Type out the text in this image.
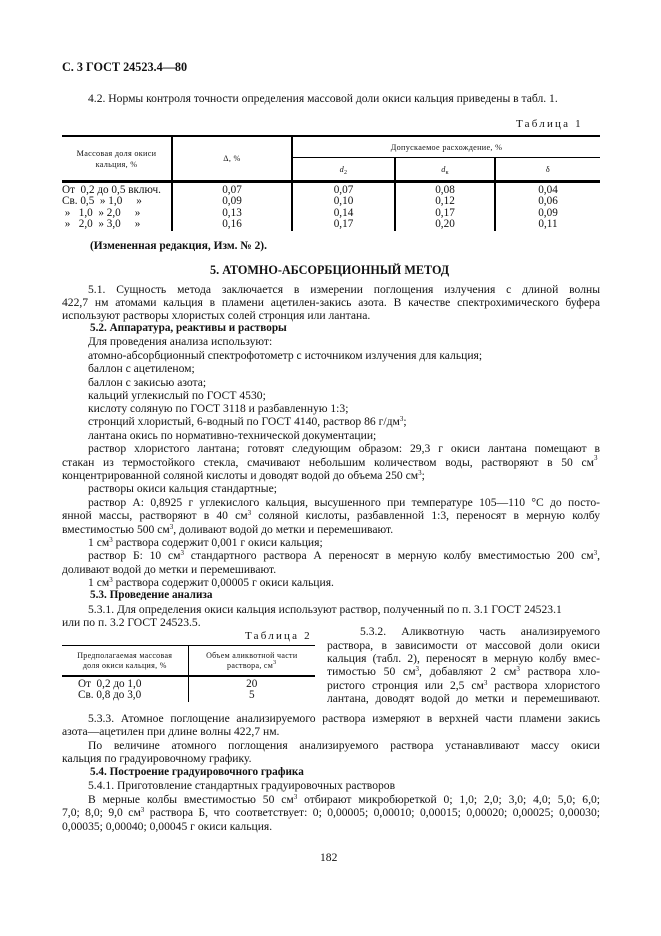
С. 3 ГОСТ 24523.4—80
4.2. Нормы контроля точности определения массовой доли окиси кальция приведены в табл. 1.
Таблица 1
Массовая доля окиси кальция, %	Δ, %	Допускаемое расхождение, %		
		$d_2$	$d_к$	δ
От  0,2 до 0,5 включ.	0,07	0,07	0,08	0,04
Св. 0,5  » 1,0     »	0,09	0,10	0,12	0,06
»   1,0  » 2,0     »	0,13	0,14	0,17	0,09
»   2,0  » 3,0     »	0,16	0,17	0,20	0,11
(Измененная редакция, Изм. № 2).
5. АТОМНО-АБСОРБЦИОННЫЙ МЕТОД
5.1. Сущность метода заключается в измерении поглощения излучения с длиной волны
422,7 нм атомами кальция в пламени ацетилен-закись азота. В качестве спектрохимического буфера
используют растворы хлористых солей стронция или лантана.
5.2. Аппаратура, реактивы и растворы
Для проведения анализа используют:
атомно-абсорбционный спектрофотометр с источником излучения для кальция;
баллон с ацетиленом;
баллон с закисью азота;
кальций углекислый по ГОСТ 4530;
кислоту соляную по ГОСТ 3118 и разбавленную 1:3;
стронций хлористый, 6-водный по ГОСТ 4140, раствор 86 $г/дм^3$;
лантана окись по нормативно-технической документации;
раствор хлористого лантана; готовят следующим образом: 29,3 г окиси лантана помещают в
стакан из термостойкого стекла, смачивают небольшим количеством воды, растворяют в 50 см 3
концентрированной соляной кислоты и доводят водой до объема 250 $см^3$;
растворы окиси кальция стандартные;
раствор А: 0,8925 г углекислого кальция, высушенного при температуре 105—110 °С до посто-
янной массы, растворяют в 40 $см^3$ соляной кислоты, разбавленной 1:3, переносят в мерную колбу
вместимостью 500 $см^3$, доливают водой до метки и перемешивают.
1 $см^3$ раствора содержит 0,001 г окиси кальция;
раствор Б: 10 $см^3$ стандартного раствора А переносят в мерную колбу вместимостью 200 $см^3$,
доливают водой до метки и перемешивают.
1 $см^3$ раствора содержит 0,00005 г окиси кальция.
5.3. Проведение анализа
5.3.1. Для определения окиси кальция используют раствор, полученный по п. 3.1 ГОСТ 24523.1
или по п. 3.2 ГОСТ 24523.5.
Таблица 2
Предполагаемая массовая доля окиси кальция, %	Объем аликвотной части раствора, $см^3$
От  0,2 до 1,0	20
Св. 0,8 до 3,0	5
5.3.2. Аликвотную часть анализируемого
раствора, в зависимости от массовой доли окиси
кальция (табл. 2), переносят в мерную колбу вмес-
тимостью 50 $см^3$, добавляют 2 $см^3$ раствора хло-
ристого стронция или 2,5 $см^3$ раствора хлористого
лантана, доводят водой до метки и перемешивают.
5.3.3. Атомное поглощение анализируемого раствора измеряют в верхней части пламени закись
азота—ацетилен при длине волны 422,7 нм.
По величине атомного поглощения анализируемого раствора устанавливают массу окиси
кальция по градуировочному графику.
5.4. Построение градуировочного графика
5.4.1. Приготовление стандартных градуировочных растворов
В мерные колбы вместимостью 50 $см^3$ отбирают микробюреткой 0; 1,0; 2,0; 3,0; 4,0; 5,0; 6,0;
7,0; 8,0; 9,0 $см^3$ раствора Б, что соответствует: 0; 0,00005; 0,00010; 0,00015; 0,00020; 0,00025; 0,00030;
0,00035; 0,00040; 0,00045 г окиси кальция.
182
